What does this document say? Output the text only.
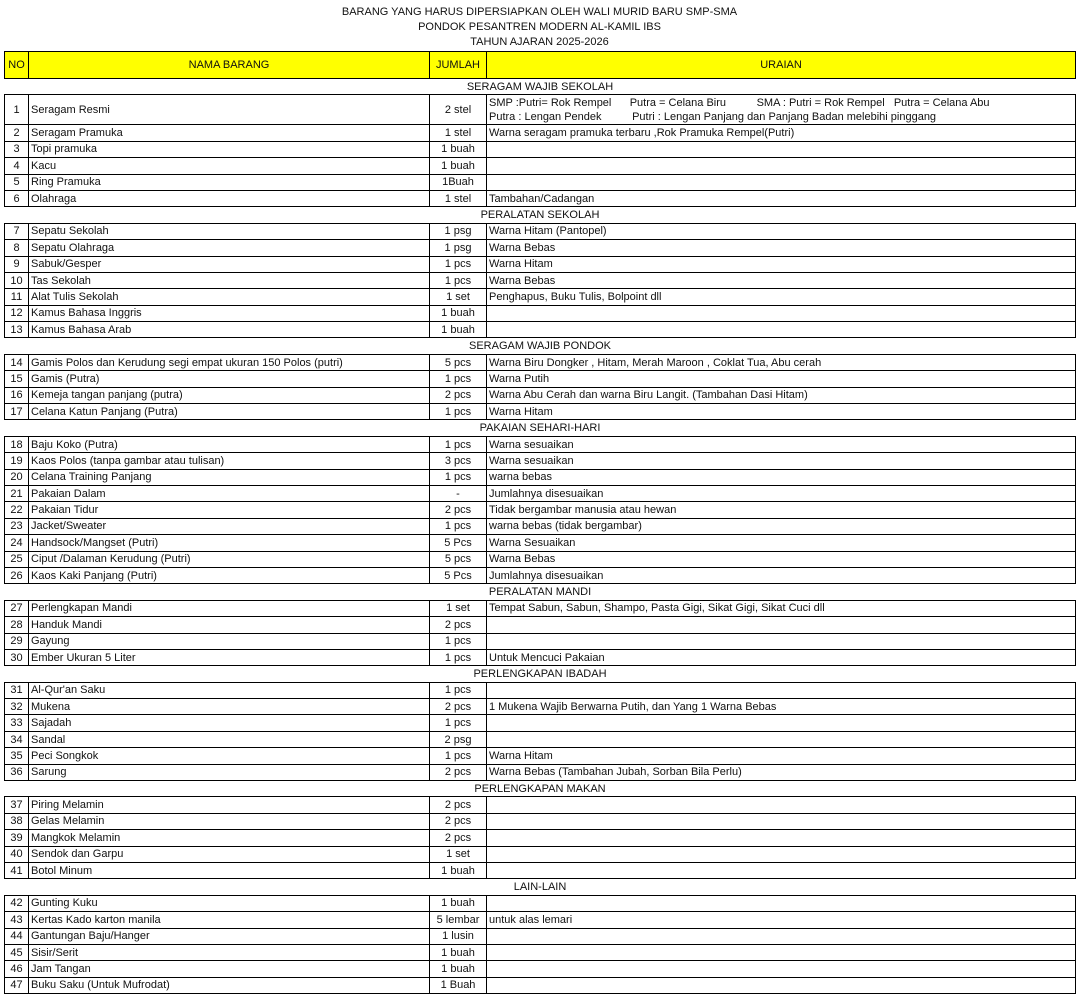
BARANG YANG HARUS DIPERSIAPKAN OLEH WALI MURID BARU SMP-SMA
PONDOK PESANTREN MODERN AL-KAMIL IBS
TAHUN AJARAN 2025-2026
NO	NAMA BARANG	JUMLAH	URAIAN
SERAGAM WAJIB SEKOLAH			
1	Seragam Resmi	2 stel	SMP :Putri= Rok Rempel      Putra = Celana Biru          SMA : Putri = Rok Rempel   Putra = Celana Abu
Putra : Lengan Pendek          Putri : Lengan Panjang dan Panjang Badan melebihi pinggang

2	Seragam Pramuka	1 stel	Warna seragam pramuka terbaru ,Rok Pramuka Rempel(Putri)
3	Topi pramuka	1 buah	
4	Kacu	1 buah	
5	Ring Pramuka	1Buah	
6	Olahraga	1 stel	Tambahan/Cadangan
PERALATAN SEKOLAH			
7	Sepatu Sekolah	1 psg	Warna Hitam (Pantopel)
8	Sepatu Olahraga	1 psg	Warna Bebas
9	Sabuk/Gesper	1 pcs	Warna Hitam
10	Tas Sekolah	1 pcs	Warna Bebas
11	Alat Tulis Sekolah	1 set	Penghapus, Buku Tulis, Bolpoint dll
12	Kamus Bahasa Inggris	1 buah	
13	Kamus Bahasa Arab	1 buah	
SERAGAM WAJIB PONDOK			
14	Gamis Polos dan Kerudung segi empat ukuran 150 Polos (putri)	5 pcs	Warna Biru Dongker , Hitam, Merah Maroon , Coklat Tua, Abu cerah
15	Gamis (Putra)	1 pcs	Warna Putih
16	Kemeja tangan panjang (putra)	2 pcs	Warna Abu Cerah dan warna Biru Langit. (Tambahan Dasi Hitam)
17	Celana Katun Panjang (Putra)	1 pcs	Warna Hitam
PAKAIAN SEHARI-HARI			
18	Baju Koko (Putra)	1 pcs	Warna sesuaikan
19	Kaos Polos (tanpa gambar atau tulisan)	3 pcs	Warna sesuaikan
20	Celana Training Panjang	1 pcs	warna bebas
21	Pakaian Dalam	-	Jumlahnya disesuaikan
22	Pakaian Tidur	2 pcs	Tidak bergambar manusia atau hewan
23	Jacket/Sweater	1 pcs	warna bebas (tidak bergambar)
24	Handsock/Mangset (Putri)	5 Pcs	Warna Sesuaikan
25	Ciput /Dalaman Kerudung (Putri)	5 pcs	Warna Bebas
26	Kaos Kaki Panjang (Putri)	5 Pcs	Jumlahnya disesuaikan
PERALATAN MANDI			
27	Perlengkapan Mandi	1 set	Tempat Sabun, Sabun, Shampo, Pasta Gigi, Sikat Gigi, Sikat Cuci dll
28	Handuk Mandi	2 pcs	
29	Gayung	1 pcs	
30	Ember Ukuran 5 Liter	1 pcs	Untuk Mencuci Pakaian
PERLENGKAPAN IBADAH			
31	Al-Qur'an Saku	1 pcs	
32	Mukena	2 pcs	1 Mukena Wajib Berwarna Putih, dan Yang 1 Warna Bebas
33	Sajadah	1 pcs	
34	Sandal	2 psg	
35	Peci Songkok	1 pcs	Warna Hitam
36	Sarung	2 pcs	Warna Bebas (Tambahan Jubah, Sorban Bila Perlu)
PERLENGKAPAN MAKAN			
37	Piring Melamin	2 pcs	
38	Gelas Melamin	2 pcs	
39	Mangkok Melamin	2 pcs	
40	Sendok dan Garpu	1 set	
41	Botol Minum	1 buah	
LAIN-LAIN			
42	Gunting Kuku	1 buah	
43	Kertas Kado karton manila	5 lembar	untuk alas lemari
44	Gantungan Baju/Hanger	1 lusin	
45	Sisir/Serit	1 buah	
46	Jam Tangan	1 buah	
47	Buku Saku (Untuk Mufrodat)	1 Buah	
